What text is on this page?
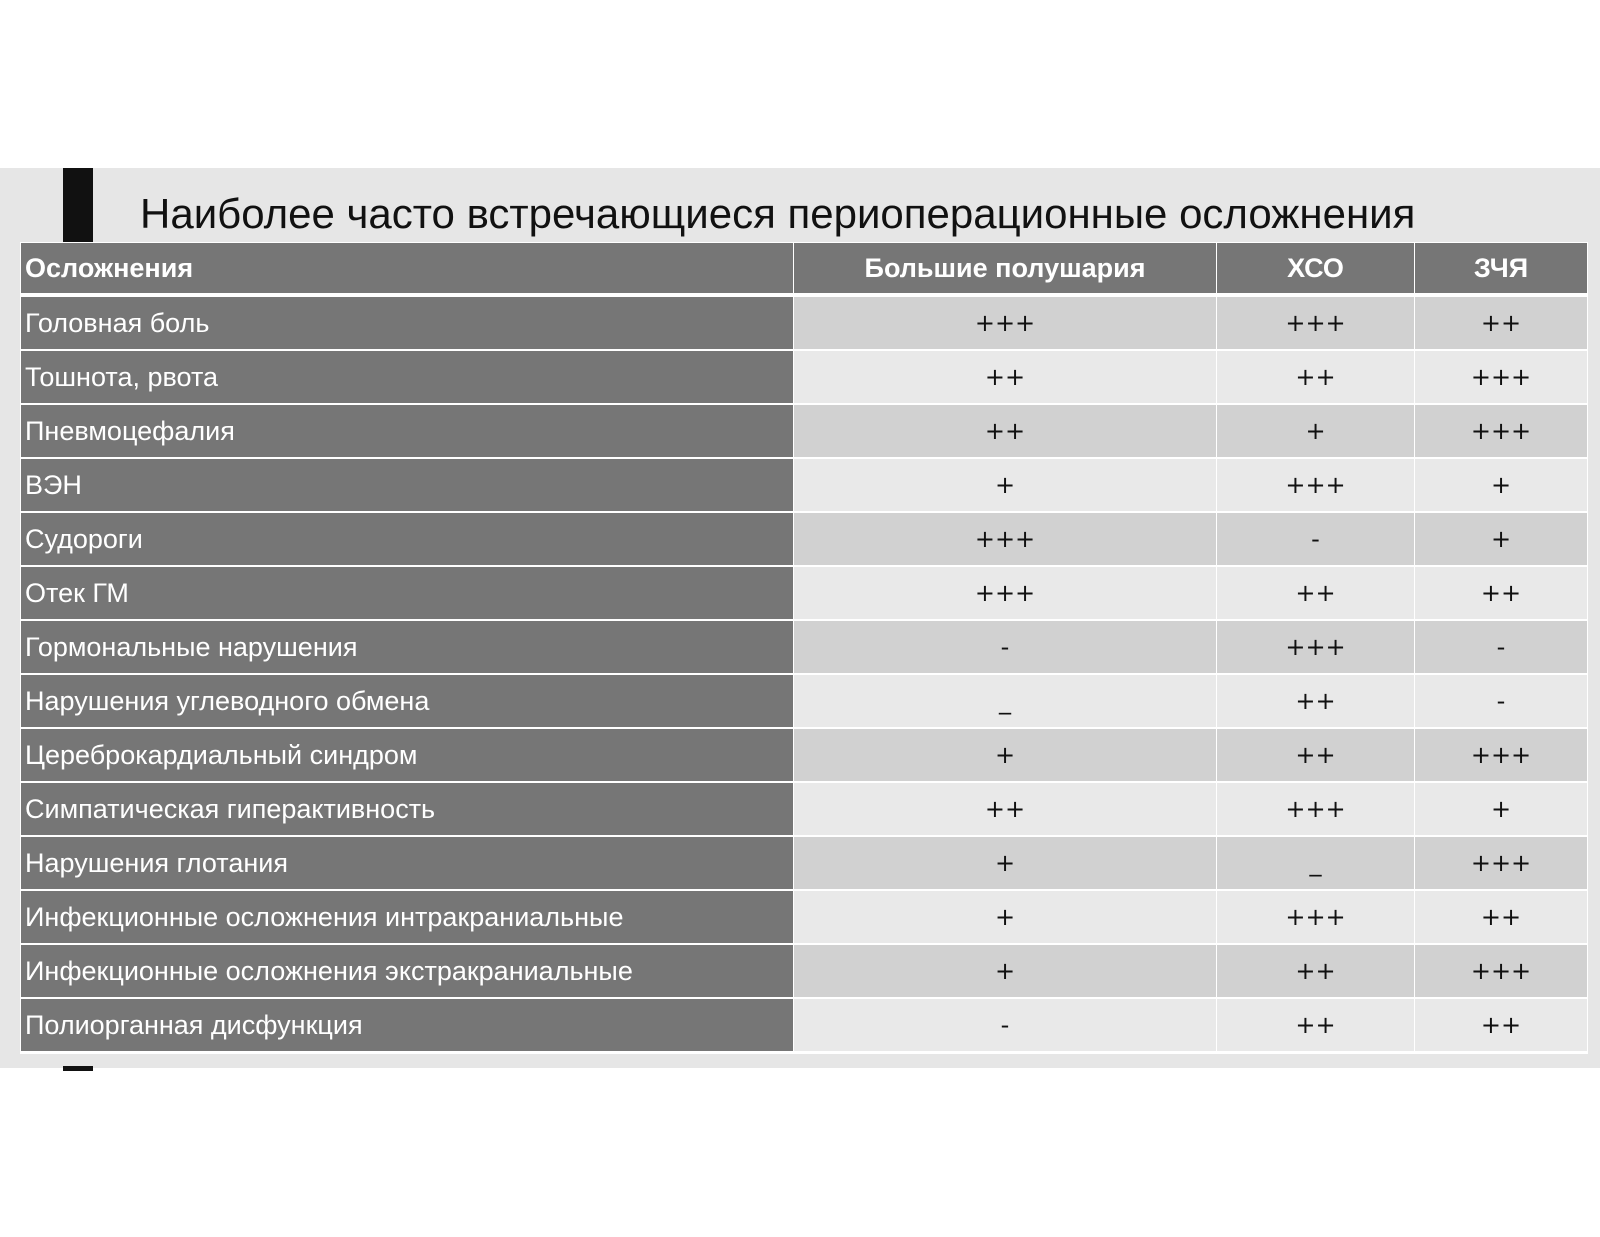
Наиболее часто встречающиеся периоперационные осложнения
Осложнения	Большие полушария	ХСО	ЗЧЯ
Головная боль	+++	+++	++
Тошнота, рвота	++	++	+++
Пневмоцефалия	++	+	+++
ВЭН	+	+++	+
Судороги	+++	-	+
Отек ГМ	+++	++	++
Гормональные нарушения	-	+++	-
Нарушения углеводного обмена	_	++	-
Цереброкардиальный синдром	+	++	+++
Симпатическая гиперактивность	++	+++	+
Нарушения глотания	+	_	+++
Инфекционные осложнения интракраниальные	+	+++	++
Инфекционные осложнения экстракраниальные	+	++	+++
Полиорганная дисфункция	-	++	++
